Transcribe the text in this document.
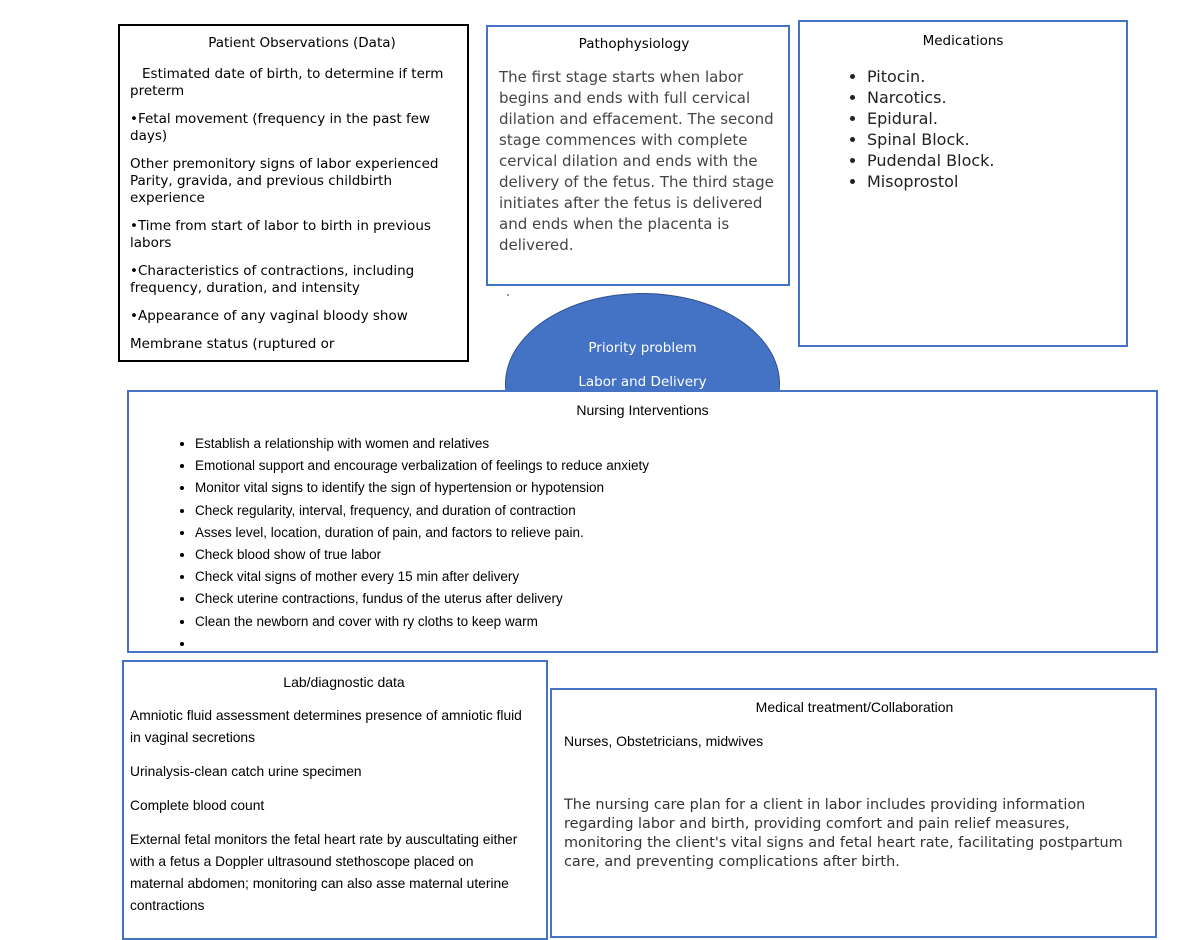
Patient Observations (Data)

Estimated date of birth, to determine if term preterm

•Fetal movement (frequency in the past few days)

Other premonitory signs of labor experienced Parity, gravida, and previous childbirth experience

•Time from start of labor to birth in previous labors

•Characteristics of contractions, including frequency, duration, and intensity

•Appearance of any vaginal bloody show

Membrane status (ruptured or

Pathophysiology
The first stage starts when labor begins and ends with full cervical dilation and effacement. The second stage commences with complete cervical dilation and ends with the delivery of the fetus. The third stage initiates after the fetus is delivered and ends when the placenta is delivered.
Medications
• Pitocin.
• Narcotics.
• Epidural.
• Spinal Block.
• Pudendal Block.
• Misoprostol
Priority problem
Labor and Delivery
Nursing Interventions
• Establish a relationship with women and relatives
• Emotional support and encourage verbalization of feelings to reduce anxiety
• Monitor vital signs to identify the sign of hypertension or hypotension
• Check regularity, interval, frequency, and duration of contraction
• Asses level, location, duration of pain, and factors to relieve pain.
• Check blood show of true labor
• Check vital signs of mother every 15 min after delivery
• Check uterine contractions, fundus of the uterus after delivery
• Clean the newborn and cover with ry cloths to keep warm
•
Lab/diagnostic data

Amniotic fluid assessment determines presence of amniotic fluid in vaginal secretions

Urinalysis-clean catch urine specimen

Complete blood count

External fetal monitors the fetal heart rate by auscultating either with a fetus a Doppler ultrasound stethoscope placed on maternal abdomen; monitoring can also asse maternal uterine contractions

Medical treatment/Collaboration
Nurses, Obstetricians, midwives
The nursing care plan for a client in labor includes providing information regarding labor and birth, providing comfort and pain relief measures, monitoring the client's vital signs and fetal heart rate, facilitating postpartum care, and preventing complications after birth.
